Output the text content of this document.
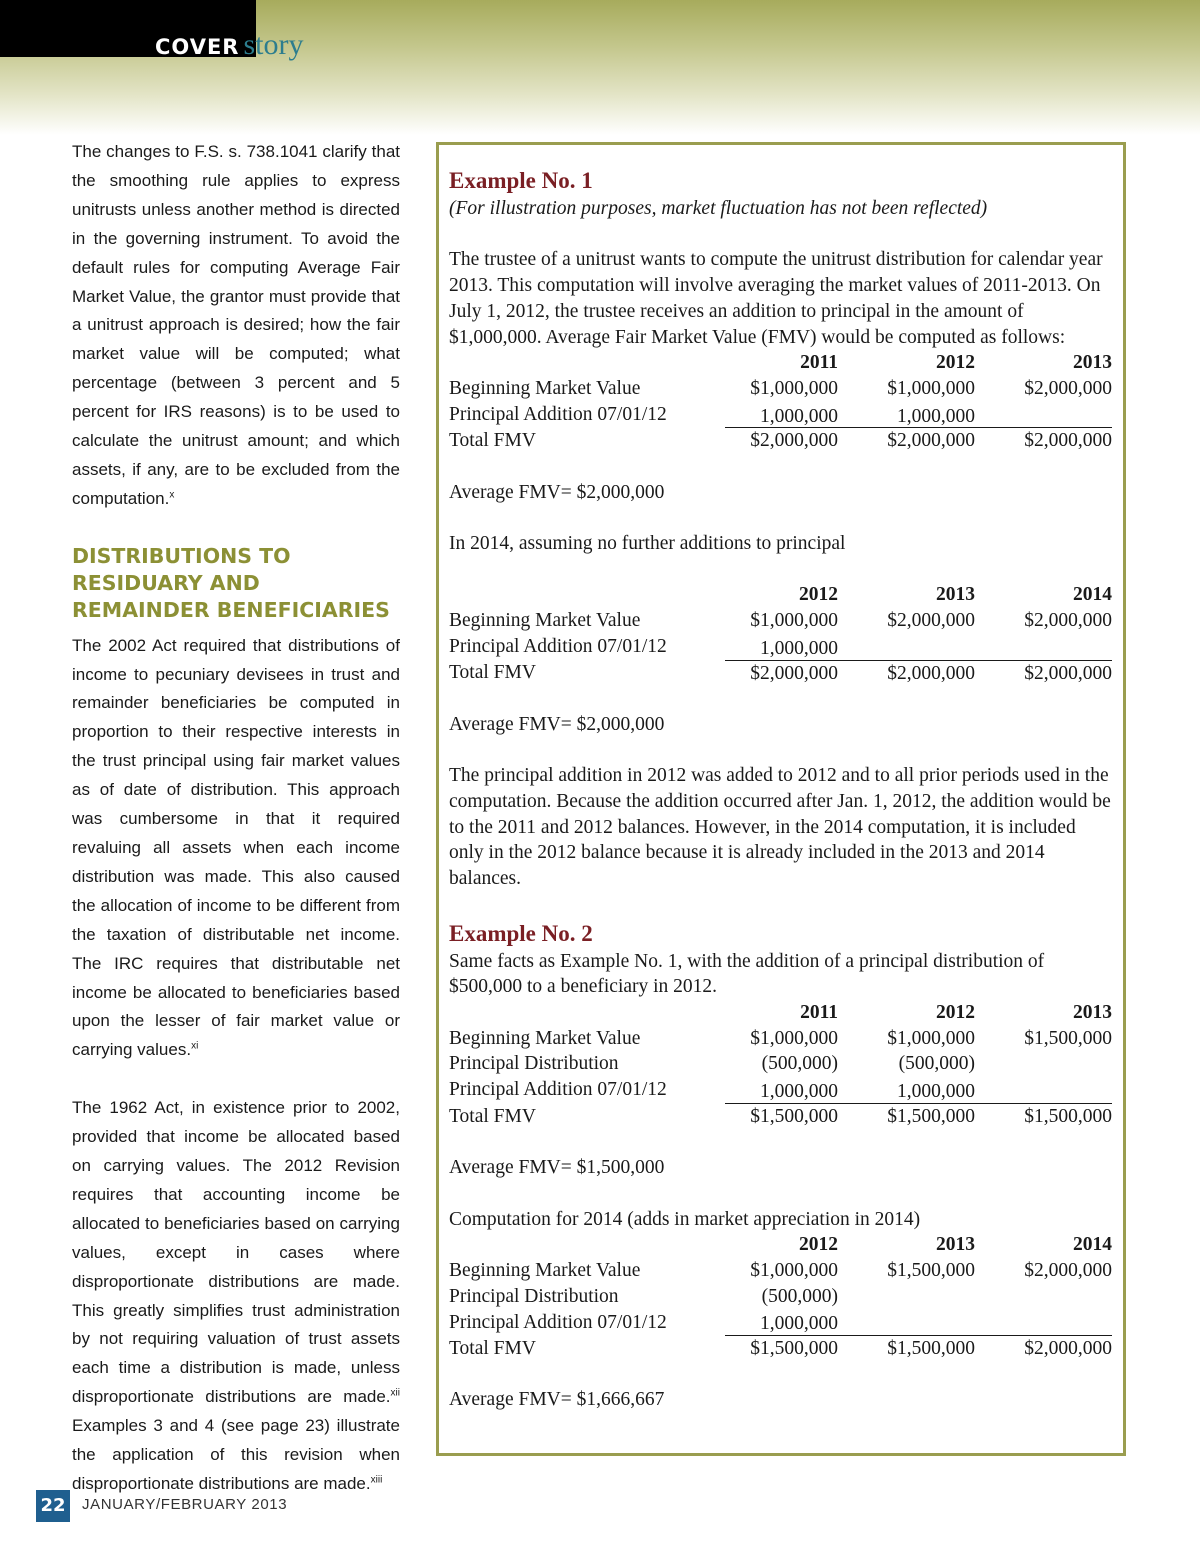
COVER story

The changes to F.S. s. 738.1041 clarify that the smoothing rule applies to express unitrusts unless another method is directed in the governing instrument. To avoid the default rules for computing Average Fair Market Value, the grantor must provide that a unitrust approach is desired; how the fair market value will be computed; what percentage (between 3 percent and 5 percent for IRS reasons) is to be used to calculate the unitrust amount; and which assets, if any, are to be excluded from the computation.$^x$

DISTRIBUTIONS TO
RESIDUARY AND
REMAINDER BENEFICIARIES

The 2002 Act required that distributions of income to pecuniary devisees in trust and remainder beneficiaries be computed in proportion to their respective interests in the trust principal using fair market values as of date of distribution. This approach was cumbersome in that it required revaluing all assets when each income distribution was made. This also caused the allocation of income to be different from the taxation of distributable net income. The IRC requires that distributable net income be allocated to beneficiaries based upon the lesser of fair market value or carrying values.$^{xi}$

The 1962 Act, in existence prior to 2002, provided that income be allocated based on carrying values. The 2012 Revision requires that accounting income be allocated to beneficiaries based on carrying values, except in cases where disproportionate distributions are made. This greatly simplifies trust administration by not requiring valuation of trust assets each time a distribution is made, unless disproportionate distributions are made.$^{xii}$ Examples 3 and 4 (see page 23) illustrate the application of this revision when disproportionate distributions are made.$^{xiii}$

Example No. 1

(For illustration purposes, market fluctuation has not been reflected)

The trustee of a unitrust wants to compute the unitrust distribution for calendar year 2013. This computation will involve averaging the market values of 2011-2013. On July 1, 2012, the trustee receives an addition to principal in the amount of $1,000,000. Average Fair Market Value (FMV) would be computed as follows:

	2011	2012	2013
Beginning Market Value	$1,000,000	$1,000,000	$2,000,000
Principal Addition 07/01/12	1,000,000	1,000,000	
Total FMV	$2,000,000	$2,000,000	$2,000,000

Average FMV= $2,000,000

In 2014, assuming no further additions to principal

	2012	2013	2014
Beginning Market Value	$1,000,000	$2,000,000	$2,000,000
Principal Addition 07/01/12	1,000,000		
Total FMV	$2,000,000	$2,000,000	$2,000,000

Average FMV= $2,000,000

The principal addition in 2012 was added to 2012 and to all prior periods used in the computation. Because the addition occurred after Jan. 1, 2012, the addition would be to the 2011 and 2012 balances. However, in the 2014 computation, it is included only in the 2012 balance because it is already included in the 2013 and 2014 balances.

Example No. 2

Same facts as Example No. 1, with the addition of a principal distribution of $500,000 to a beneficiary in 2012.

	2011	2012	2013
Beginning Market Value	$1,000,000	$1,000,000	$1,500,000
Principal Distribution	(500,000)	(500,000)	
Principal Addition 07/01/12	1,000,000	1,000,000	
Total FMV	$1,500,000	$1,500,000	$1,500,000

Average FMV= $1,500,000

Computation for 2014 (adds in market appreciation in 2014)

	2012	2013	2014
Beginning Market Value	$1,000,000	$1,500,000	$2,000,000
Principal Distribution	(500,000)		
Principal Addition 07/01/12	1,000,000		
Total FMV	$1,500,000	$1,500,000	$2,000,000

Average FMV= $1,666,667

22 JANUARY/FEBRUARY 2013
